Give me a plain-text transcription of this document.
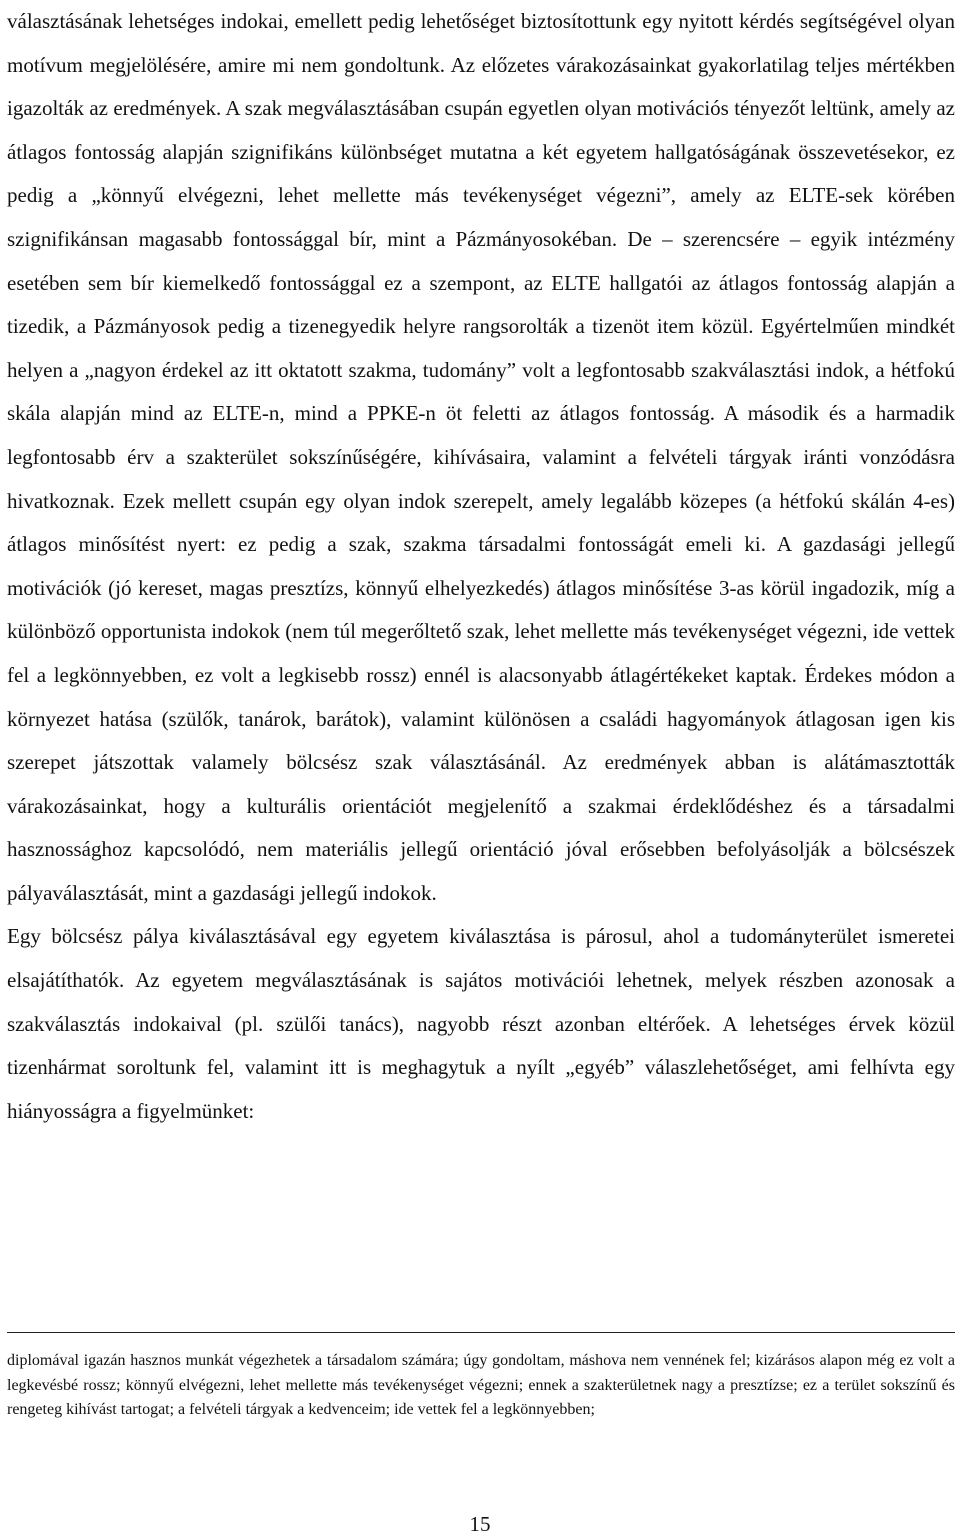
választásának lehetséges indokai, emellett pedig lehetőséget biztosítottunk egy nyitott kérdés segítségével olyan motívum megjelölésére, amire mi nem gondoltunk. Az előzetes várakozásainkat gyakorlatilag teljes mértékben igazolták az eredmények. A szak megválasztásában csupán egyetlen olyan motivációs tényezőt leltünk, amely az átlagos fontosság alapján szignifikáns különbséget mutatna a két egyetem hallgatóságának összevetésekor, ez pedig a „könnyű elvégezni, lehet mellette más tevékenységet végezni”, amely az ELTE-sek körében szignifikánsan magasabb fontossággal bír, mint a Pázmányosokéban. De – szerencsére – egyik intézmény esetében sem bír kiemelkedő fontossággal ez a szempont, az ELTE hallgatói az átlagos fontosság alapján a tizedik, a Pázmányosok pedig a tizenegyedik helyre rangsorolták a tizenöt item közül. Egyértelműen mindkét helyen a „nagyon érdekel az itt oktatott szakma, tudomány” volt a legfontosabb szakválasztási indok, a hétfokú skála alapján mind az ELTE-n, mind a PPKE-n öt feletti az átlagos fontosság. A második és a harmadik legfontosabb érv a szakterület sokszínűségére, kihívásaira, valamint a felvételi tárgyak iránti vonzódásra hivatkoznak. Ezek mellett csupán egy olyan indok szerepelt, amely legalább közepes (a hétfokú skálán 4-es) átlagos minősítést nyert: ez pedig a szak, szakma társadalmi fontosságát emeli ki. A gazdasági jellegű motivációk (jó kereset, magas presztízs, könnyű elhelyezkedés) átlagos minősítése 3-as körül ingadozik, míg a különböző opportunista indokok (nem túl megerőltető szak, lehet mellette más tevékenységet végezni, ide vettek fel a legkönnyebben, ez volt a legkisebb rossz) ennél is alacsonyabb átlagértékeket kaptak. Érdekes módon a környezet hatása (szülők, tanárok, barátok), valamint különösen a családi hagyományok átlagosan igen kis szerepet játszottak valamely bölcsész szak választásánál. Az eredmények abban is alátámasztották várakozásainkat, hogy a kulturális orientációt megjelenítő a szakmai érdeklődéshez és a társadalmi hasznossághoz kapcsolódó, nem materiális jellegű orientáció jóval erősebben befolyásolják a bölcsészek pályaválasztását, mint a gazdasági jellegű indokok.

Egy bölcsész pálya kiválasztásával egy egyetem kiválasztása is párosul, ahol a tudományterület ismeretei elsajátíthatók. Az egyetem megválasztásának is sajátos motivációi lehetnek, melyek részben azonosak a szakválasztás indokaival (pl. szülői tanács), nagyobb részt azonban eltérőek. A lehetséges érvek közül tizenhármat soroltunk fel, valamint itt is meghagytuk a nyílt „egyéb” válaszlehetőséget, ami felhívta egy hiányosságra a figyelmünket:

diplomával igazán hasznos munkát végezhetek a társadalom számára; úgy gondoltam, máshova nem vennének fel; kizárásos alapon még ez volt a legkevésbé rossz; könnyű elvégezni, lehet mellette más tevékenységet végezni; ennek a szakterületnek nagy a presztízse; ez a terület sokszínű és rengeteg kihívást tartogat; a felvételi tárgyak a kedvenceim; ide vettek fel a legkönnyebben;

15
